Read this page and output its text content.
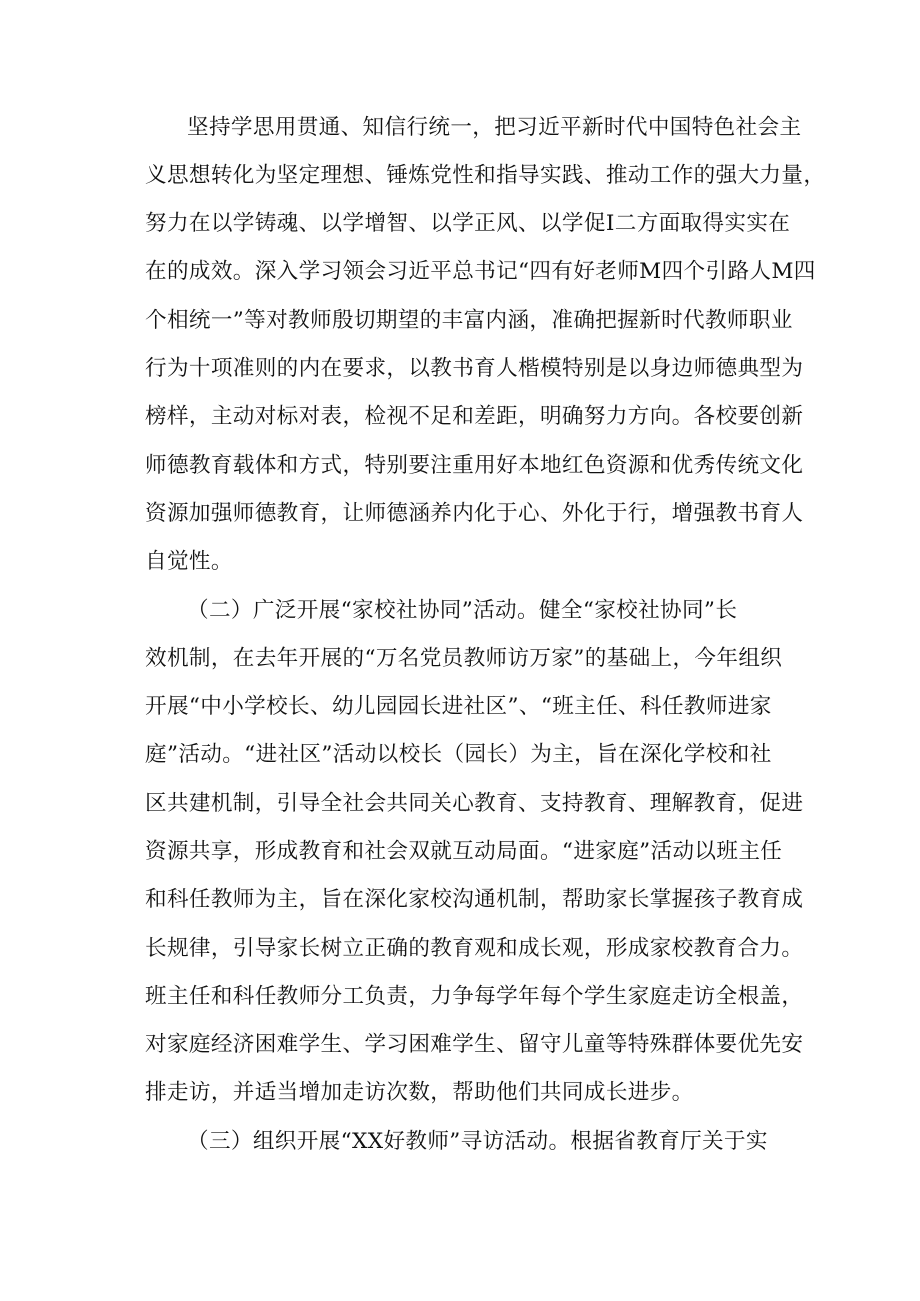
坚持学思用贯通、知信行统一，把习近平新时代中国特色社会主
义思想转化为坚定理想、锤炼党性和指导实践、推动工作的强大力量，
努力在以学铸魂、以学增智、以学正风、以学促I二方面取得实实在
在的成效。深入学习领会习近平总书记“四有好老师M四个引路人M四
个相统一”等对教师殷切期望的丰富内涵，准确把握新时代教师职业
行为十项准则的内在要求，以教书育人楷模特别是以身边师德典型为
榜样，主动对标对表，检视不足和差距，明确努力方向。各校要创新
师德教育载体和方式，特别要注重用好本地红色资源和优秀传统文化
资源加强师德教育，让师德涵养内化于心、外化于行，增强教书育人
自觉性。
（二）广泛开展“家校社协同”活动。健全“家校社协同”长
效机制，在去年开展的“万名党员教师访万家”的基础上，今年组织
开展“中小学校长、幼儿园园长进社区”、“班主任、科任教师进家
庭”活动。“进社区”活动以校长（园长）为主，旨在深化学校和社
区共建机制，引导全社会共同关心教育、支持教育、理解教育，促进
资源共享，形成教育和社会双就互动局面。“进家庭”活动以班主任
和科任教师为主，旨在深化家校沟通机制，帮助家长掌握孩子教育成
长规律，引导家长树立正确的教育观和成长观，形成家校教育合力。
班主任和科任教师分工负责，力争每学年每个学生家庭走访全根盖，
对家庭经济困难学生、学习困难学生、留守儿童等特殊群体要优先安
排走访，并适当增加走访次数，帮助他们共同成长进步。
（三）组织开展“XX好教师”寻访活动。根据省教育厅关于实
